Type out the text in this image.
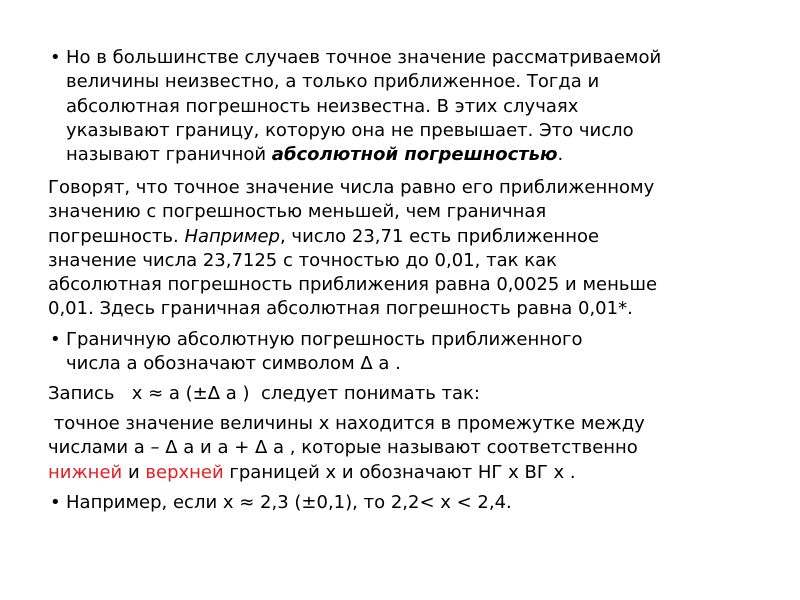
• Но в большинстве случаев точное значение рассматриваемой
величины неизвестно, а только приближенное. Тогда и
абсолютная погрешность неизвестна. В этих случаях
указывают границу, которую она не превышает. Это число
называют граничной абсолютной погрешностью.
Говорят, что точное значение числа равно его приближенному
значению с погрешностью меньшей, чем граничная
погрешность. Например, число 23,71 есть приближенное
значение числа 23,7125 с точностью до 0,01, так как
абсолютная погрешность приближения равна 0,0025 и меньше
0,01. Здесь граничная абсолютная погрешность равна 0,01*.
• Граничную абсолютную погрешность приближенного
числа а обозначают символом Δ а .
Запись   х ≈ а (±Δ а )  следует понимать так:
точное значение величины х находится в промежутке между
числами а – Δ а и а + Δ а , которые называют соответственно
нижней и верхней границей х и обозначают НГ х ВГ х .
• Например, если х ≈ 2,3 (±0,1), то 2,2< х < 2,4.
